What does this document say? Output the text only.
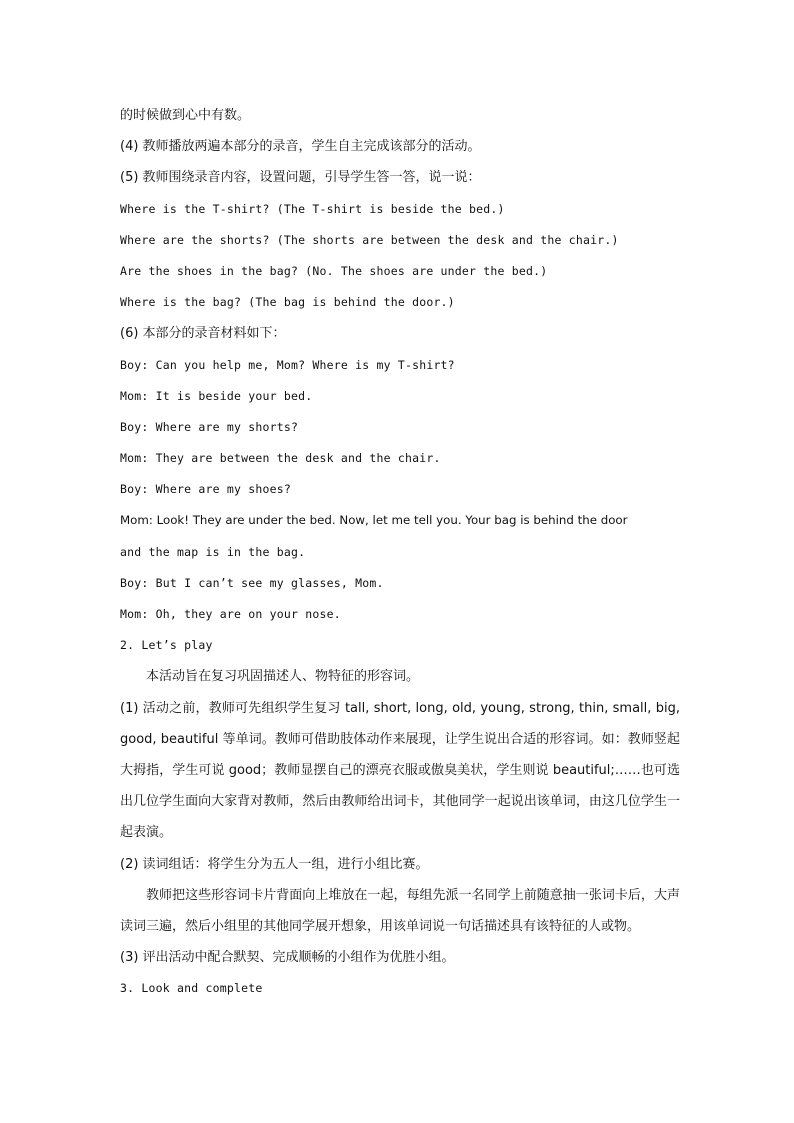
的时候做到心中有数。
(4) 教师播放两遍本部分的录音，学生自主完成该部分的活动。
(5) 教师围绕录音内容，设置问题，引导学生答一答，说一说：
Where is the T-shirt? (The T-shirt is beside the bed.)
Where are the shorts? (The shorts are between the desk and the chair.)
Are the shoes in the bag? (No. The shoes are under the bed.)
Where is the bag? (The bag is behind the door.)
(6) 本部分的录音材料如下：
Boy: Can you help me, Mom? Where is my T-shirt?
Mom: It is beside your bed.
Boy: Where are my shorts?
Mom: They are between the desk and the chair.
Boy: Where are my shoes?
Mom: Look! They are under the bed. Now, let me tell you. Your bag is behind the door
and the map is in the bag.
Boy: But I can’t see my glasses, Mom.
Mom: Oh, they are on your nose.
2. Let’s play
本活动旨在复习巩固描述人、物特征的形容词。
(1) 活动之前，教师可先组织学生复习 tall, short, long, old, young, strong, thin, small, big, good, beautiful 等单词。教师可借助肢体动作来展现，让学生说出合适的形容词。如：教师竖起大拇指，学生可说 good；教师显摆自己的漂亮衣服或傲臭美状，学生则说 beautiful;……也可选出几位学生面向大家背对教师，然后由教师给出词卡，其他同学一起说出该单词，由这几位学生一起表演。
(2) 读词组话：将学生分为五人一组，进行小组比赛。
教师把这些形容词卡片背面向上堆放在一起，每组先派一名同学上前随意抽一张词卡后，大声读词三遍，然后小组里的其他同学展开想象，用该单词说一句话描述具有该特征的人或物。
(3) 评出活动中配合默契、完成顺畅的小组作为优胜小组。
3. Look and complete
